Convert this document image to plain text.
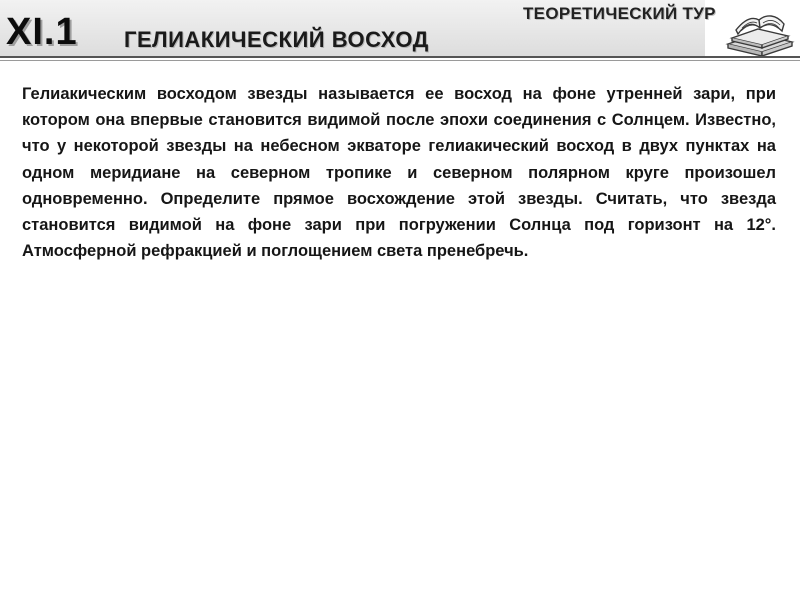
XI.1 ГЕЛИАКИЧЕСКИЙ ВОСХОД
ТЕОРЕТИЧЕСКИЙ ТУР

Гелиакическим восходом звезды называется ее восход на фоне утренней зари, при котором она впервые становится видимой после эпохи соединения с Солнцем. Известно, что у некоторой звезды на небесном экваторе гелиакический восход в двух пунктах на одном меридиане на северном тропике и северном полярном круге произошел одновременно. Определите прямое восхождение этой звезды. Считать, что звезда становится видимой на фоне зари при погружении Солнца под горизонт на 12°. Атмосферной рефракцией и поглощением света пренебречь.
